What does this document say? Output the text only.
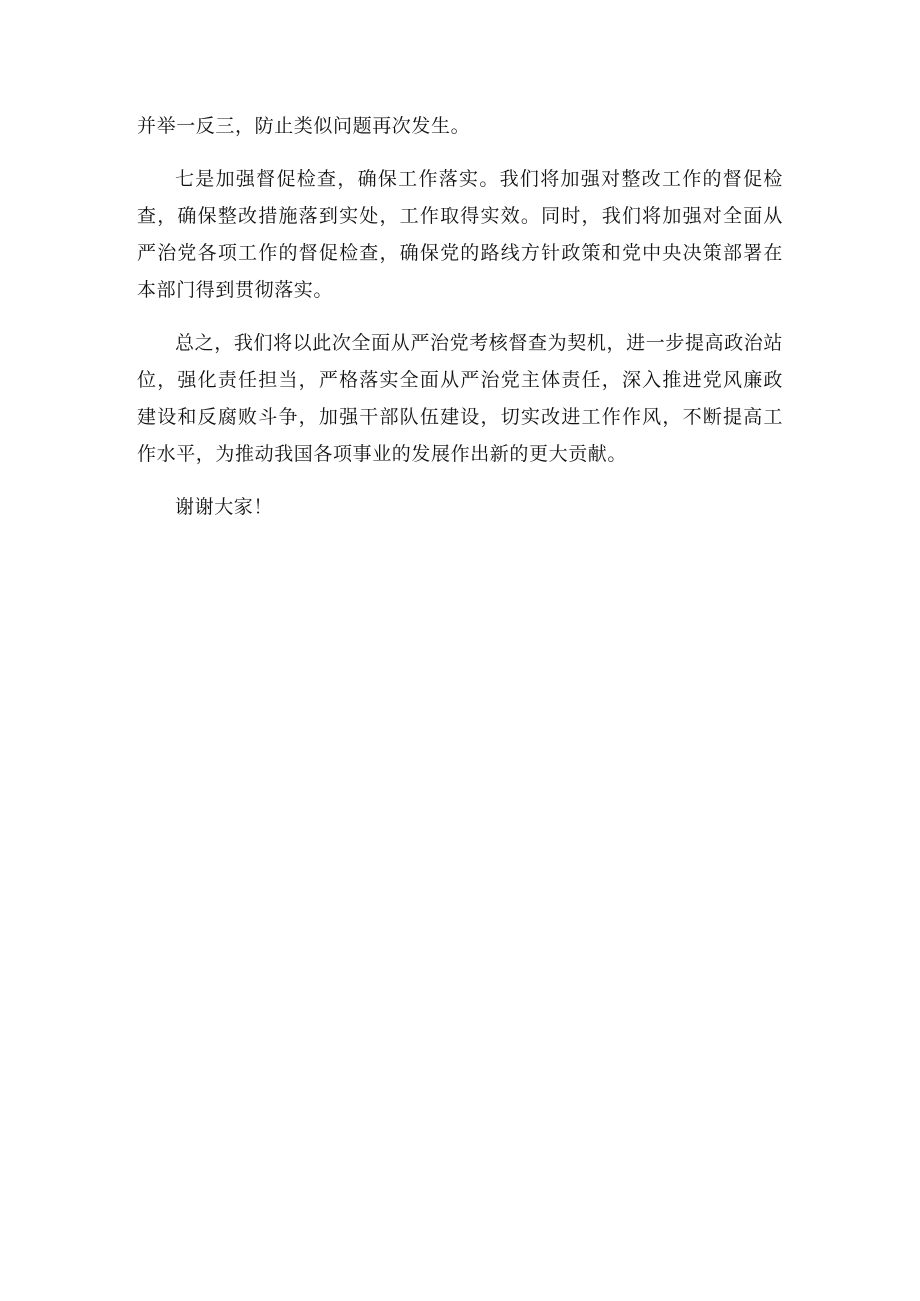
并举一反三，防止类似问题再次发生。

七是加强督促检查，确保工作落实。我们将加强对整改工作的督促检查，确保整改措施落到实处，工作取得实效。同时，我们将加强对全面从严治党各项工作的督促检查，确保党的路线方针政策和党中央决策部署在本部门得到贯彻落实。

总之，我们将以此次全面从严治党考核督查为契机，进一步提高政治站位，强化责任担当，严格落实全面从严治党主体责任，深入推进党风廉政建设和反腐败斗争，加强干部队伍建设，切实改进工作作风，不断提高工作水平，为推动我国各项事业的发展作出新的更大贡献。

谢谢大家！
